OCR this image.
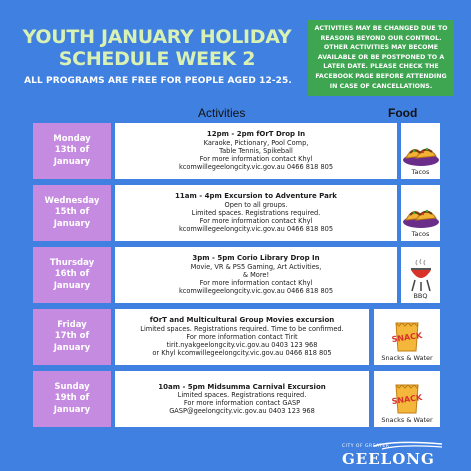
YOUTH JANUARY HOLIDAY
SCHEDULE WEEK 2
ALL PROGRAMS ARE FREE FOR PEOPLE AGED 12-25.
ACTIVITIES MAY BE CHANGED DUE TO REASONS BEYOND OUR CONTROL. OTHER ACTIVITIES MAY BECOME AVAILABLE OR BE POSTPONED TO A LATER DATE. PLEASE CHECK THE FACEBOOK PAGE BEFORE ATTENDING IN CASE OF CANCELLATIONS.
Activities	Food
Monday
13th of
January
12pm - 2pm fOrT Drop In
Karaoke, Pictionary, Pool Comp,
Table Tennis, Spikeball
For more information contact Khyl
kcomwillegeelongcity.vic.gov.au 0466 818 805
Tacos
Wednesday
15th of
January
11am - 4pm Excursion to Adventure Park
Open to all groups.
Limited spaces. Registrations required.
For more information contact Khyl
kcomwillegeelongcity.vic.gov.au 0466 818 805
Tacos
Thursday
16th of
January
3pm - 5pm Corio Library Drop In
Movie, VR & PS5 Gaming, Art Activities,
& More!
For more information contact Khyl
kcomwillegeelongcity.vic.gov.au 0466 818 805
BBQ
Friday
17th of
January
fOrT and Multicultural Group Movies excursion
Limited spaces. Registrations required. Time to be confirmed.
For more information contact Tirit
tirit.nyakgeelongcity.vic.gov.au 0403 123 968
or Khyl kcomwillegeelongcity.vic.gov.au 0466 818 805
SNACK
Snacks & Water
Sunday
19th of
January
10am - 5pm Midsumma Carnival Excursion
Limited spaces. Registrations required.
For more information contact GASP
GASP@geelongcity.vic.gov.au 0403 123 968
SNACK
Snacks & Water
CITY OF GREATER
GEELONG
